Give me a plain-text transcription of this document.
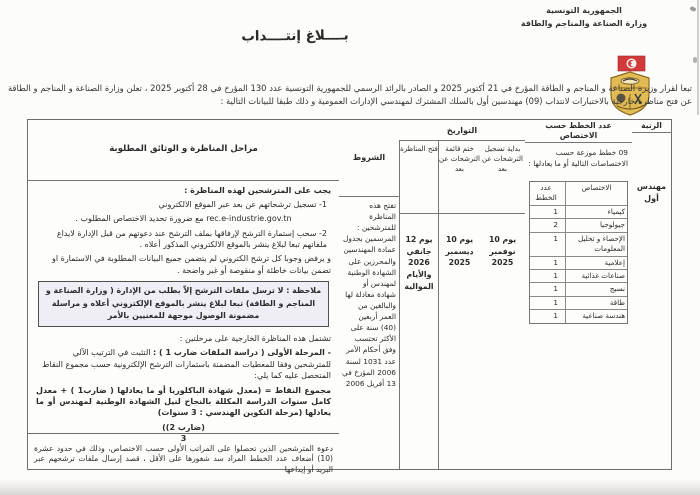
الجمهورية التونسية
وزارة الصناعة والمناجم والطاقة
بــــلاغ إنتــــداب
تبعا لقرار وزيرة الصناعة و المناجم و الطاقة المؤرخ في 21 أكتوبر 2025 و الصادر بالرائد الرسمي للجمهورية التونسية عدد 130 المؤرخ في 28 أكتوبر 2025 ، تعلن وزارة الصناعة و المناجم و الطاقة عن فتح مناظرة خارجية بالاختبارات لانتداب (09) مهندسين أول بالسلك المشترك لمهندسي الإدارات العمومية و ذلك طبقا للبيانات التالية :
الرتبة
مهندس أول
عدد الخطط حسب الاختصاص
09 خطط موزعة حسب الاختصاصات التالية أو ما يعادلها :
الاختصاص
عدد الخطط
كيمياء
1
جيولوجيا
2
الإحصاء و تحليل المعلومات
1
إعلامية
1
صناعات غذائية
1
نسيج
1
طاقة
1
هندسة صناعية
1
التواريخ
بداية تسجيل الترشحات عن بعد
يوم 10 نوفمبر 2025
ختم قائمة الترشحات عن بعد
يوم 10 ديسمبر 2025
فتح المناظرة
يوم 12 جانفي 2026 والأيام الموالية
الشروط
تفتح هذه المناظرة للمترشحين : المرسمين بجدول عمادة المهندسين والمحرزين على الشهادة الوطنية لمهندس أو شهادة معادلة لها والبالغين من العمر أربعين (40) سنة على الأكثر تحتسب وفق أحكام الأمر عدد 1031 لسنة 2006 المؤرخ في 13 أفريل 2006
مراحل المناظرة و الوثائق المطلوبة

يجب على المترشحين لهذه المناظرة :

1- تسجيل ترشحاتهم عن بعد عبر الموقع الالكتروني

rec.e-industrie.gov.tn مع ضرورة تحديد الاختصاص المطلوب .

2- سحب إستمارة الترشح لإرفاقها بملف الترشح عند دعوتهم من قبل الإدارة لايداع ملفاتهم تبعا لبلاغ ينشر بالموقع الالكتروني المذكور أعلاه .

و يرفض وجوبا كل ترشح الكتروني لم يتضمن جميع البيانات المطلوبة في الاستمارة او تضمن بيانات خاطئة أو منقوصة أو غير واضحة .

ملاحظة : لا ترسل ملفات الترشح إلاّ بطلب من الإدارة ( وزارة الصناعة و المناجم و الطاقة) تبعا لبلاغ ينشر بالموقع الإلكتروني أعلاه و مراسلة مضمونة الوصول موجهة للمعنيين بالأمر

تشتمل هذه المناظرة الخارجية على مرحلتين :

- المرحلة الأولى ( دراسة الملفات ضارب 1 ) : التثبت في الترتيب الآلي للمترشحين وفقا للمعطيات المضمنة باستمارات الترشح الإلكترونية حسب مجموع النقاط المتحصل عليه كما يلي:

مجموع النقاط = (معدل شهادة الباكلوريا أو ما يعادلها ( ضارب1 ) + معدل كامل سنوات الدراسة المكللة بالنجاح لنيل الشهادة الوطنية لمهندس أو ما يعادلها (مرحلة التكوين الهندسي : 3 سنوات)

(ضارب 2))
3

دعوة المترشحين الذين تحصلوا على المراتب الأولى حسب الاختصاص، وذلك في حدود عشرة (10) أضعاف عدد الخطط المراد سد شغورها على الأقل ، قصد إرسال ملفات ترشحهم عبر البريد أو إيداعها
